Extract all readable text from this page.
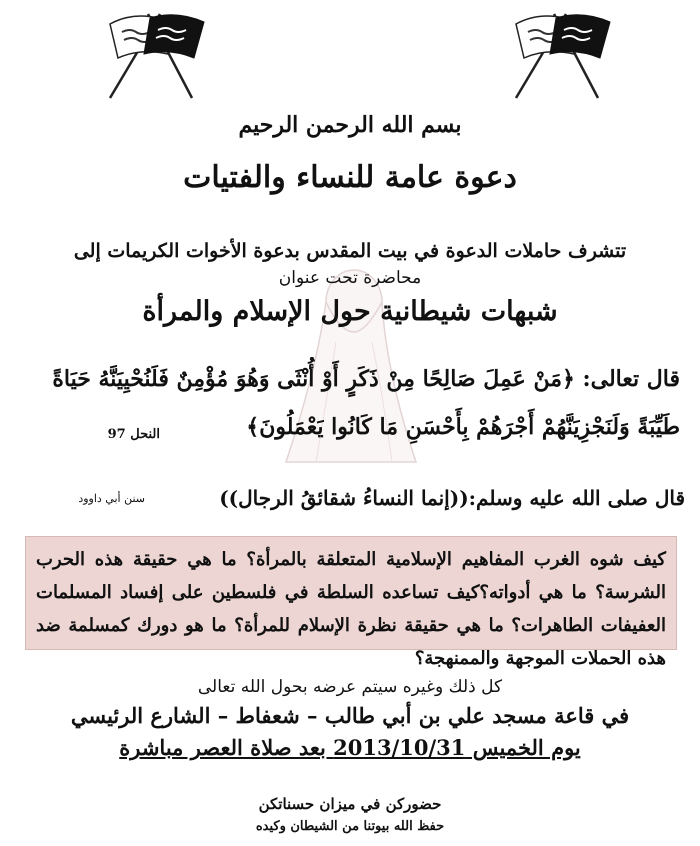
بسم الله الرحمن الرحيم
دعوة عامة للنساء والفتيات
تتشرف حاملات الدعوة في بيت المقدس بدعوة الأخوات الكريمات إلى
محاضرة تحت عنوان
شبهات شيطانية حول الإسلام والمرأة
قال تعالى: ﴿مَنْ عَمِلَ صَالِحًا مِنْ ذَكَرٍ أَوْ أُنْثَى وَهُوَ مُؤْمِنٌ فَلَنُحْيِيَنَّهُ حَيَاةً
طَيِّبَةً وَلَنَجْزِيَنَّهُمْ أَجْرَهُمْ بِأَحْسَنِ مَا كَانُوا يَعْمَلُونَ﴾
النحل 97
قال صلى الله عليه وسلم:((إنما النساءُ شقائقُ الرجال))
سنن أبي داوود
كيف شوه الغرب المفاهيم الإسلامية المتعلقة بالمرأة؟ ما هي حقيقة هذه الحرب الشرسة؟ ما هي أدواته؟كيف تساعده السلطة في فلسطين على إفساد المسلمات العفيفات الطاهرات؟ ما هي حقيقة نظرة الإسلام للمرأة؟ ما هو دورك كمسلمة ضد هذه الحملات الموجهة والممنهجة؟
كل ذلك وغيره سيتم عرضه بحول الله تعالى
في قاعة مسجد علي بن أبي طالب – شعفاط – الشارع الرئيسي
يوم الخميس 2013/10/31 بعد صلاة العصر مباشرة
حضوركن في ميزان حسناتكن
حفظ الله بيوتنا من الشيطان وكيده
